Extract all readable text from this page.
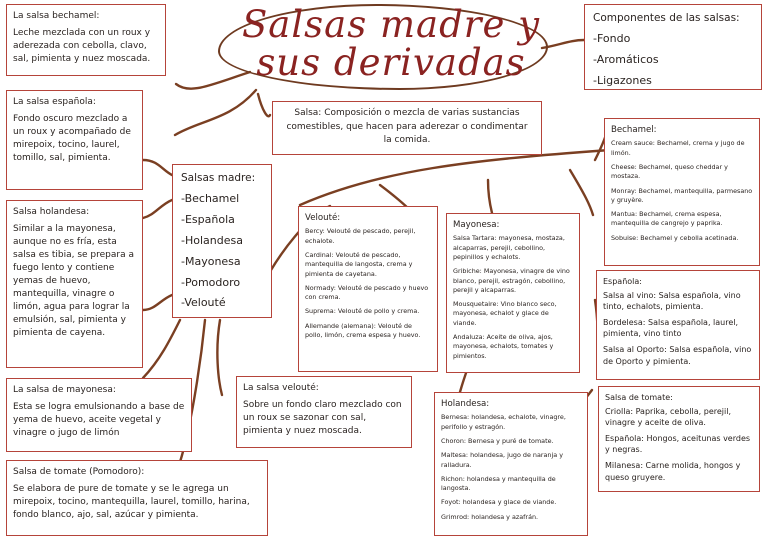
Salsas madre y sus derivadas
Salsa: Composición o mezcla de varias sustancias comestibles, que hacen para aderezar o condimentar la comida.
Componentes de las salsas:
-Fondo
-Aromáticos
-Ligazones
Salsas madre:
-Bechamel
-Española
-Holandesa
-Mayonesa
-Pomodoro
-Velouté
La salsa bechamel:
Leche mezclada con un roux y aderezada con cebolla, clavo, sal, pimienta y nuez moscada.
La salsa española:
Fondo oscuro mezclado a un roux y acompañado de mirepoix, tocino, laurel, tomillo, sal, pimienta.
Salsa holandesa:
Similar a la mayonesa, aunque no es fría, esta salsa es tibia, se prepara a fuego lento y contiene yemas de huevo, mantequilla, vinagre o limón, agua para lograr la emulsión, sal, pimienta y pimienta de cayena.
La salsa de mayonesa:
Esta se logra emulsionando a base de yema de huevo, aceite vegetal y vinagre o jugo de limón
Salsa de tomate (Pomodoro):
Se elabora de pure de tomate y se le agrega un mirepoix, tocino, mantequilla, laurel, tomillo, harina, fondo blanco, ajo, sal, azúcar y pimienta.
La salsa velouté:
Sobre un fondo claro mezclado con un roux se sazonar con sal, pimienta y nuez moscada.
Velouté:

Bercy: Velouté de pescado, perejil, echalote.

Cardinal: Velouté de pescado, mantequilla de langosta, crema y pimienta de cayetana.

Normady: Velouté de pescado y huevo con crema.

Suprema: Velouté de pollo y crema.

Allemande (alemana): Velouté de pollo, limón, crema espesa y huevo.

Mayonesa:

Salsa Tartara: mayonesa, mostaza, alcaparras, perejil, cebollino, pepinillos y echalots.

Gribiche: Mayonesa, vinagre de vino blanco, perejil, estragón, cebollino, perejil y alcaparras.

Mousquetaire: Vino blanco seco, mayonesa, echalot y glace de viande.

Andaluza: Aceite de oliva, ajos, mayonesa, echalots, tomates y pimientos.

Holandesa:

Bernesa: holandesa, echalote, vinagre, perifollo y estragón.

Choron: Bernesa y puré de tomate.

Maltesa: holandesa, jugo de naranja y ralladura.

Richon: holandesa y mantequilla de langosta.

Foyot: holandesa y glace de viande.

Grimrod: holandesa y azafrán.

Bechamel:

Cream sauce: Bechamel, crema y jugo de limón.

Cheese: Bechamel, queso cheddar y mostaza.

Monray: Bechamel, mantequilla, parmesano y gruyère.

Mantua: Bechamel, crema espesa, mantequilla de cangrejo y paprika.

Sobuise: Bechamel y cebolla acetinada.

Española:
Salsa al vino: Salsa española, vino tinto, echalots, pimienta.
Bordelesa: Salsa española, laurel, pimienta, vino tinto
Salsa al Oporto: Salsa española, vino de Oporto y pimienta.
Salsa de tomate:
Criolla: Paprika, cebolla, perejil, vinagre y aceite de oliva.
Española: Hongos, aceitunas verdes y negras.
Milanesa: Carne molida, hongos y queso gruyere.
